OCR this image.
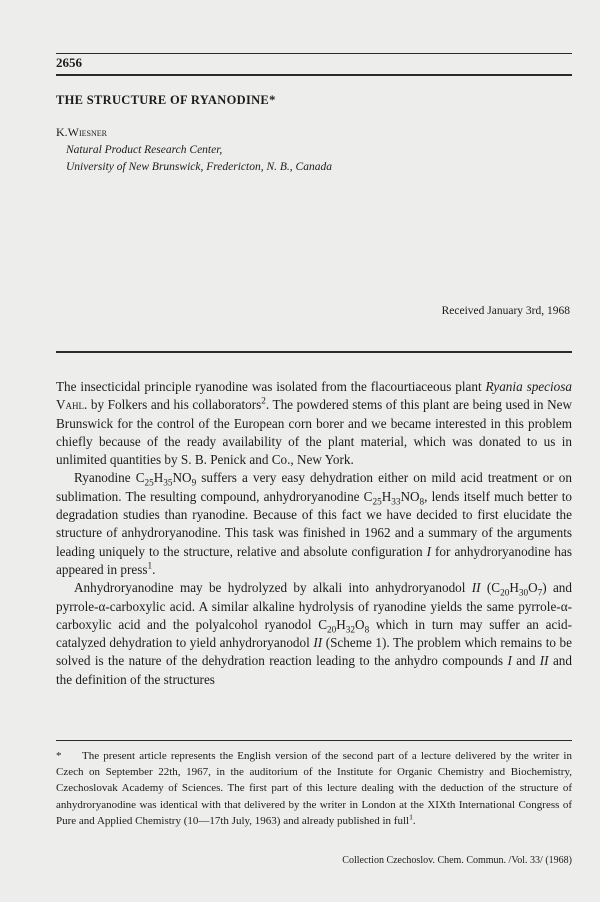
2656
THE STRUCTURE OF RYANODINE*
K.Wiesner
Natural Product Research Center,
University of New Brunswick, Fredericton, N. B., Canada
Received January 3rd, 1968

The insecticidal principle ryanodine was isolated from the flacourtiaceous plant Ryania speciosa Vahl. by Folkers and his collaborators$^2$. The powdered stems of this plant are being used in New Brunswick for the control of the European corn borer and we became interested in this problem chiefly because of the ready availability of the plant material, which was donated to us in unlimited quantities by S. B. Penick and Co., New York.

Ryanodine $C_{25}H_{35}NO_9$ suffers a very easy dehydration either on mild acid treatment or on sublimation. The resulting compound, anhydroryanodine $C_{25}H_{33}NO_8$, lends itself much better to degradation studies than ryanodine. Because of this fact we have decided to first elucidate the structure of anhydroryanodine. This task was finished in 1962 and a summary of the arguments leading uniquely to the structure, relative and absolute configuration I for anhydroryanodine has appeared in press$^1$.

Anhydroryanodine may be hydrolyzed by alkali into anhydroryanodol II $(C_{20}H_{30}O_7)$ and pyrrole-α-carboxylic acid. A similar alkaline hydrolysis of ryanodine yields the same pyrrole-α-carboxylic acid and the polyalcohol ryanodol $C_{20}H_{32}O_8$ which in turn may suffer an acid-catalyzed dehydration to yield anhydroryanodol II (Scheme 1). The problem which remains to be solved is the nature of the dehydration reaction leading to the anhydro compounds I and II and the definition of the structures

* The present article represents the English version of the second part of a lecture delivered by the writer in Czech on September 22th, 1967, in the auditorium of the Institute for Organic Chemistry and Biochemistry, Czechoslovak Academy of Sciences. The first part of this lecture dealing with the deduction of the structure of anhydroryanodine was identical with that delivered by the writer in London at the XIXth International Congress of Pure and Applied Chemistry (10—17th July, 1963) and already published in full$^1$.
Collection Czechoslov. Chem. Commun. /Vol. 33/ (1968)
